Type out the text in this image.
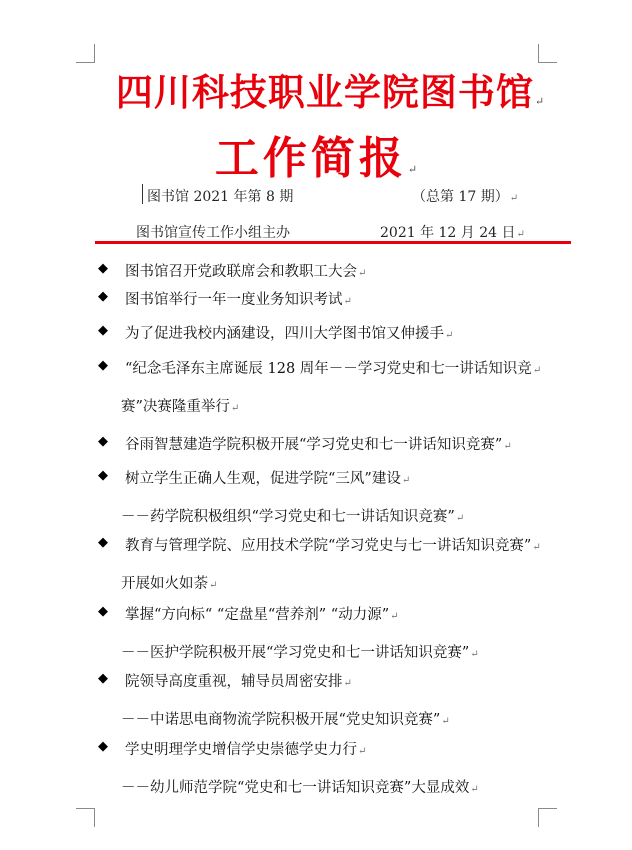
四川科技职业学院图书馆↵
工作简报↵
图书馆 2021 年第 8 期	（总第 17 期）↵
图书馆宣传工作小组主办	2021 年 12 月 24 日↵
◆ 图书馆召开党政联席会和教职工大会↵
◆ 图书馆举行一年一度业务知识考试↵
◆ 为了促进我校内涵建设，四川大学图书馆又伸援手↵
◆ “纪念毛泽东主席诞辰 128 周年－－学习党史和七一讲话知识竞↵
赛”决赛隆重举行↵
◆ 谷雨智慧建造学院积极开展“学习党史和七一讲话知识竞赛”↵
◆ 树立学生正确人生观，促进学院“三风”建设↵
－－药学院积极组织“学习党史和七一讲话知识竞赛”↵
◆ 教育与管理学院、应用技术学院“学习党史与七一讲话知识竞赛”↵
开展如火如荼↵
◆ 掌握“方向标“ “定盘星“营养剂” “动力源”↵
－－医护学院积极开展“学习党史和七一讲话知识竞赛”↵
◆ 院领导高度重视，辅导员周密安排↵
－－中诺思电商物流学院积极开展“党史知识竞赛”↵
◆ 学史明理学史增信学史崇德学史力行↵
－－幼儿师范学院“党史和七一讲话知识竞赛”大显成效↵
